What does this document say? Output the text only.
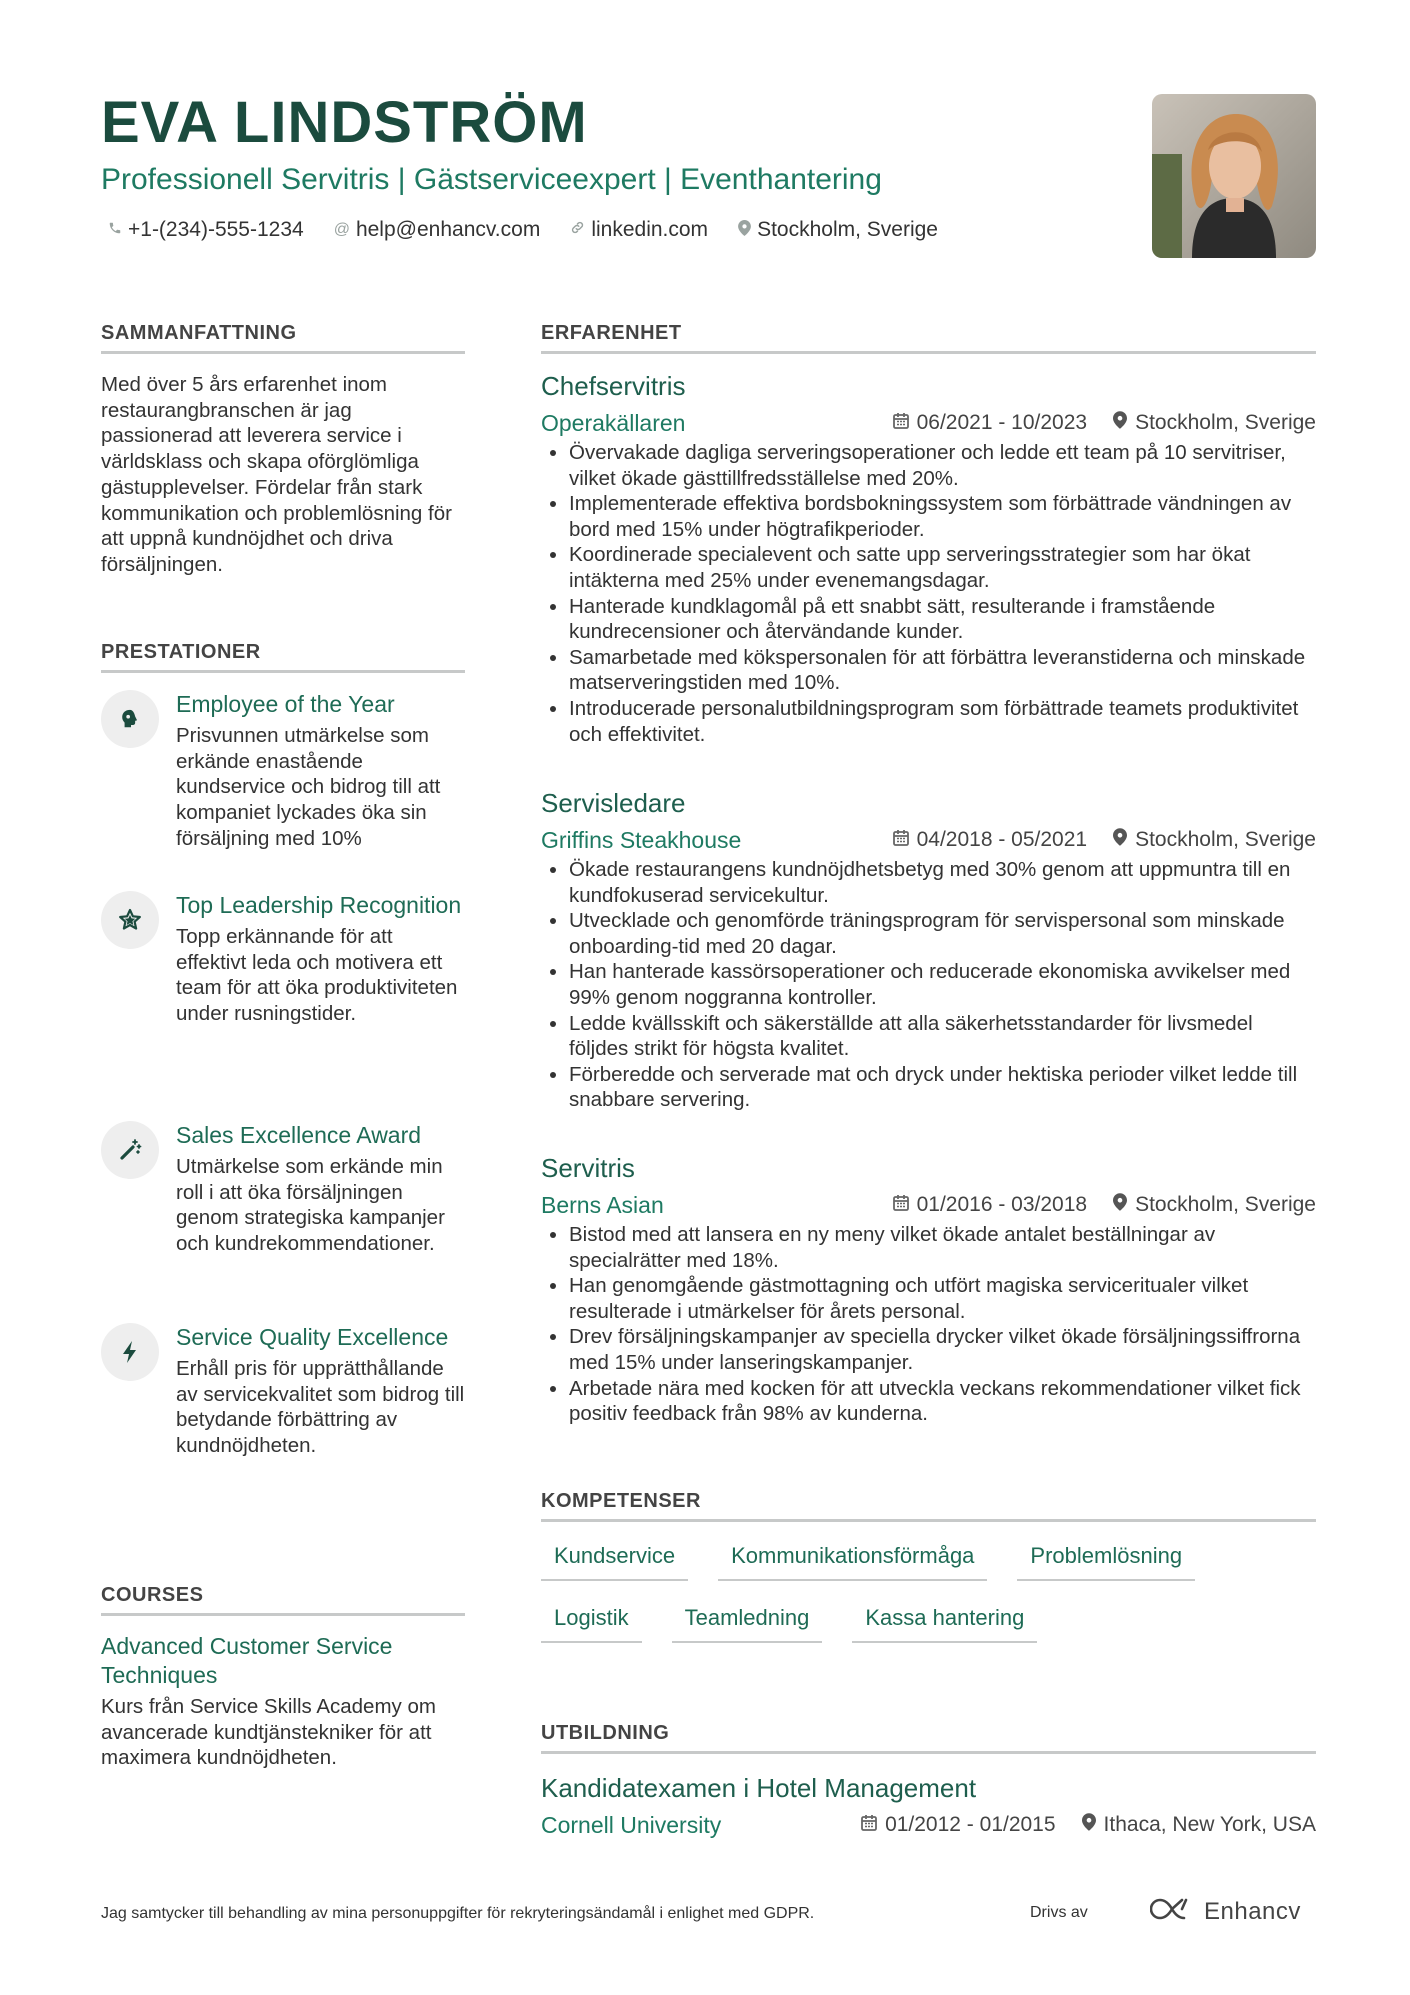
EVA LINDSTRÖM

Professionell Servitris | Gästserviceexpert | Eventhantering

+1-(234)-555-1234 @ help@enhancv.com linkedin.com Stockholm, Sverige
SAMMANFATTNING

Med över 5 års erfarenhet inom restaurangbranschen är jag passionerad att leverera service i världsklass och skapa oförglömliga gästupplevelser. Fördelar från stark kommunikation och problemlösning för att uppnå kundnöjdhet och driva försäljningen.

PRESTATIONER

Employee of the Year

Prisvunnen utmärkelse som erkände enastående kundservice och bidrog till att kompaniet lyckades öka sin försäljning med 10%

Top Leadership Recognition

Topp erkännande för att effektivt leda och motivera ett team för att öka produktiviteten under rusningstider.

Sales Excellence Award

Utmärkelse som erkände min roll i att öka försäljningen genom strategiska kampanjer och kundrekommendationer.

Service Quality Excellence

Erhåll pris för upprätthållande av servicekvalitet som bidrog till betydande förbättring av kundnöjdheten.

COURSES

Advanced Customer Service Techniques

Kurs från Service Skills Academy om avancerade kundtjänstekniker för att maximera kundnöjdheten.

ERFARENHET

Chefservitris

Operakällaren	06/2021 - 10/2023 Stockholm, Sverige
• Övervakade dagliga serveringsoperationer och ledde ett team på 10 servitriser, vilket ökade gästtillfredsställelse med 20%.
• Implementerade effektiva bordsbokningssystem som förbättrade vändningen av bord med 15% under högtrafikperioder.
• Koordinerade specialevent och satte upp serveringsstrategier som har ökat intäkterna med 25% under evenemangsdagar.
• Hanterade kundklagomål på ett snabbt sätt, resulterande i framstående kundrecensioner och återvändande kunder.
• Samarbetade med kökspersonalen för att förbättra leveranstiderna och minskade matserveringstiden med 10%.
• Introducerade personalutbildningsprogram som förbättrade teamets produktivitet och effektivitet.

Servisledare

Griffins Steakhouse	04/2018 - 05/2021 Stockholm, Sverige
• Ökade restaurangens kundnöjdhetsbetyg med 30% genom att uppmuntra till en kundfokuserad servicekultur.
• Utvecklade och genomförde träningsprogram för servispersonal som minskade onboarding-tid med 20 dagar.
• Han hanterade kassörsoperationer och reducerade ekonomiska avvikelser med 99% genom noggranna kontroller.
• Ledde kvällsskift och säkerställde att alla säkerhetsstandarder för livsmedel följdes strikt för högsta kvalitet.
• Förberedde och serverade mat och dryck under hektiska perioder vilket ledde till snabbare servering.

Servitris

Berns Asian	01/2016 - 03/2018 Stockholm, Sverige
• Bistod med att lansera en ny meny vilket ökade antalet beställningar av specialrätter med 18%.
• Han genomgående gästmottagning och utfört magiska serviceritualer vilket resulterade i utmärkelser för årets personal.
• Drev försäljningskampanjer av speciella drycker vilket ökade försäljningssiffrorna med 15% under lanseringskampanjer.
• Arbetade nära med kocken för att utveckla veckans rekommendationer vilket fick positiv feedback från 98% av kunderna.
KOMPETENSER
Kundservice	Kommunikationsförmåga	Problemlösning
Logistik	Teamledning	Kassa hantering
UTBILDNING

Kandidatexamen i Hotel Management

Cornell University	01/2012 - 01/2015 Ithaca, New York, USA
Jag samtycker till behandling av mina personuppgifter för rekryteringsändamål i enlighet med GDPR.	Drivs av	Enhancv
